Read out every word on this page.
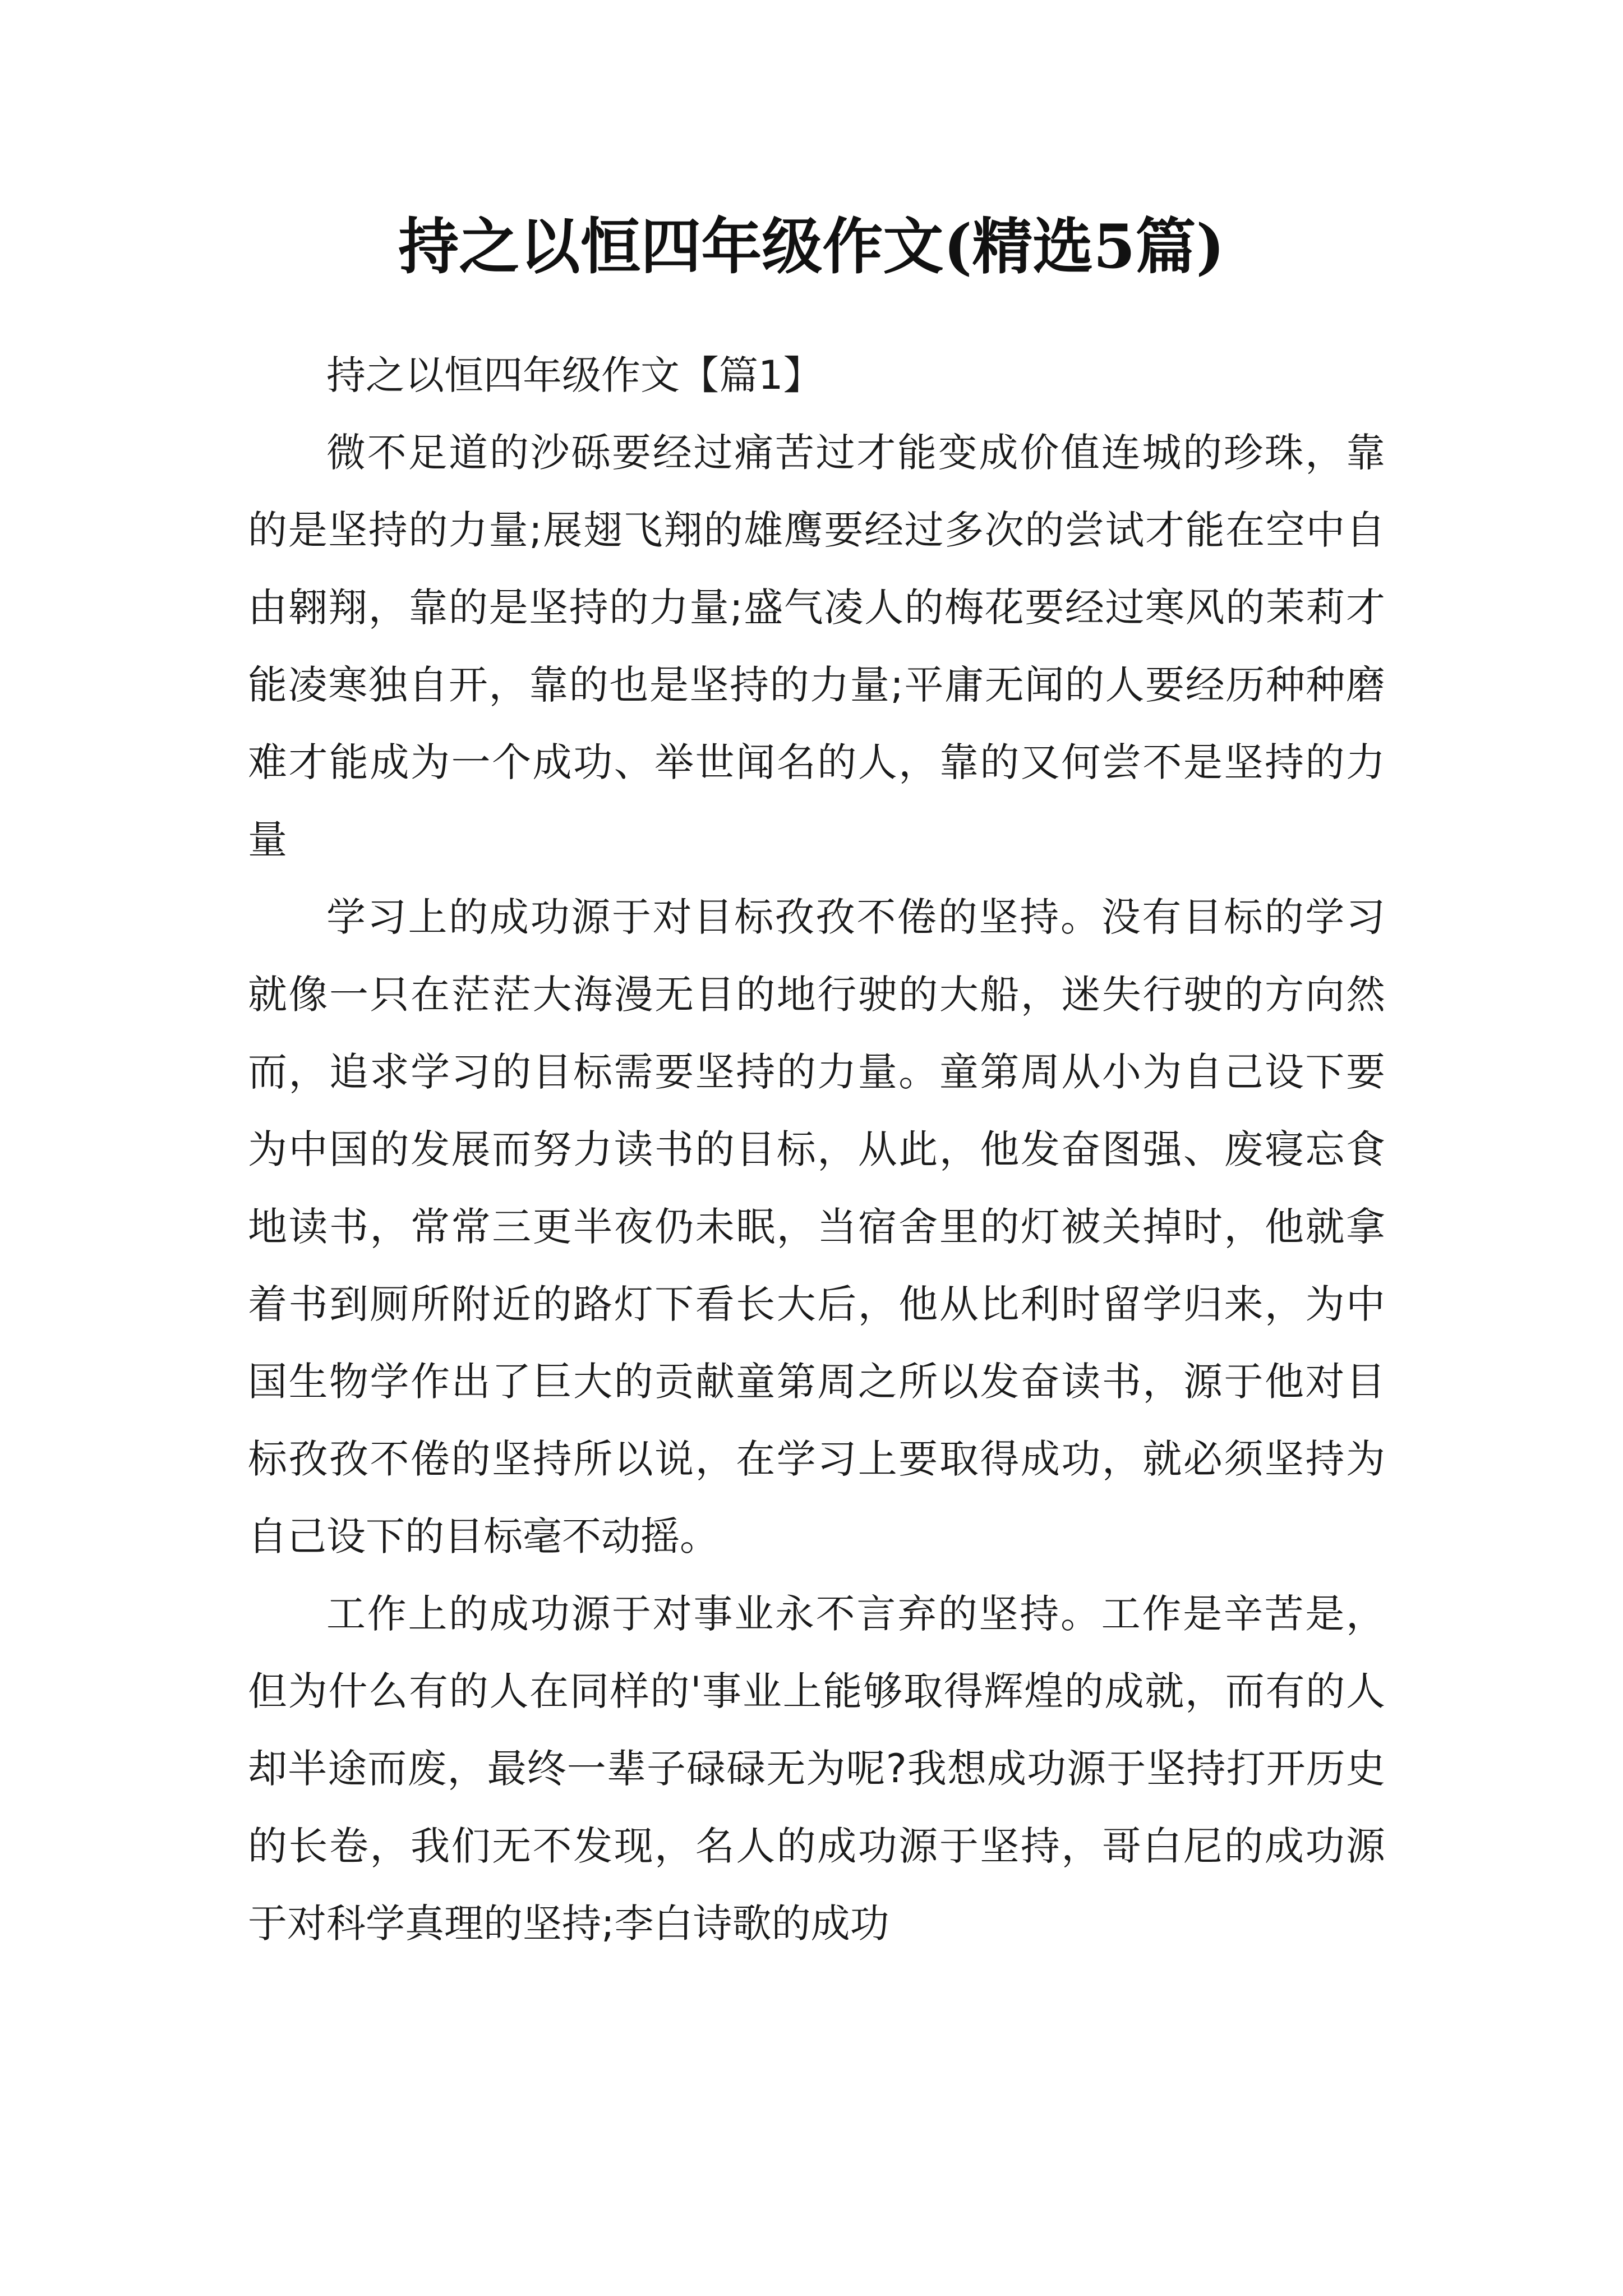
持之以恒四年级作文(精选5篇)

持之以恒四年级作文【篇1】

微不足道的沙砾要经过痛苦过才能变成价值连城的珍珠，靠的是坚持的力量;展翅飞翔的雄鹰要经过多次的尝试才能在空中自由翱翔，靠的是坚持的力量;盛气凌人的梅花要经过寒风的茉莉才能凌寒独自开，靠的也是坚持的力量;平庸无闻的人要经历种种磨难才能成为一个成功、举世闻名的人，靠的又何尝不是坚持的力量

学习上的成功源于对目标孜孜不倦的坚持。没有目标的学习就像一只在茫茫大海漫无目的地行驶的大船，迷失行驶的方向然而，追求学习的目标需要坚持的力量。童第周从小为自己设下要为中国的发展而努力读书的目标，从此，他发奋图强、废寝忘食地读书，常常三更半夜仍未眠，当宿舍里的灯被关掉时，他就拿着书到厕所附近的路灯下看长大后，他从比利时留学归来，为中国生物学作出了巨大的贡献童第周之所以发奋读书，源于他对目标孜孜不倦的坚持所以说，在学习上要取得成功，就必须坚持为自己设下的目标毫不动摇。

工作上的成功源于对事业永不言弃的坚持。工作是辛苦是，但为什么有的人在同样的'事业上能够取得辉煌的成就，而有的人却半途而废，最终一辈子碌碌无为呢?我想成功源于坚持打开历史的长卷，我们无不发现，名人的成功源于坚持，哥白尼的成功源于对科学真理的坚持;李白诗歌的成功
